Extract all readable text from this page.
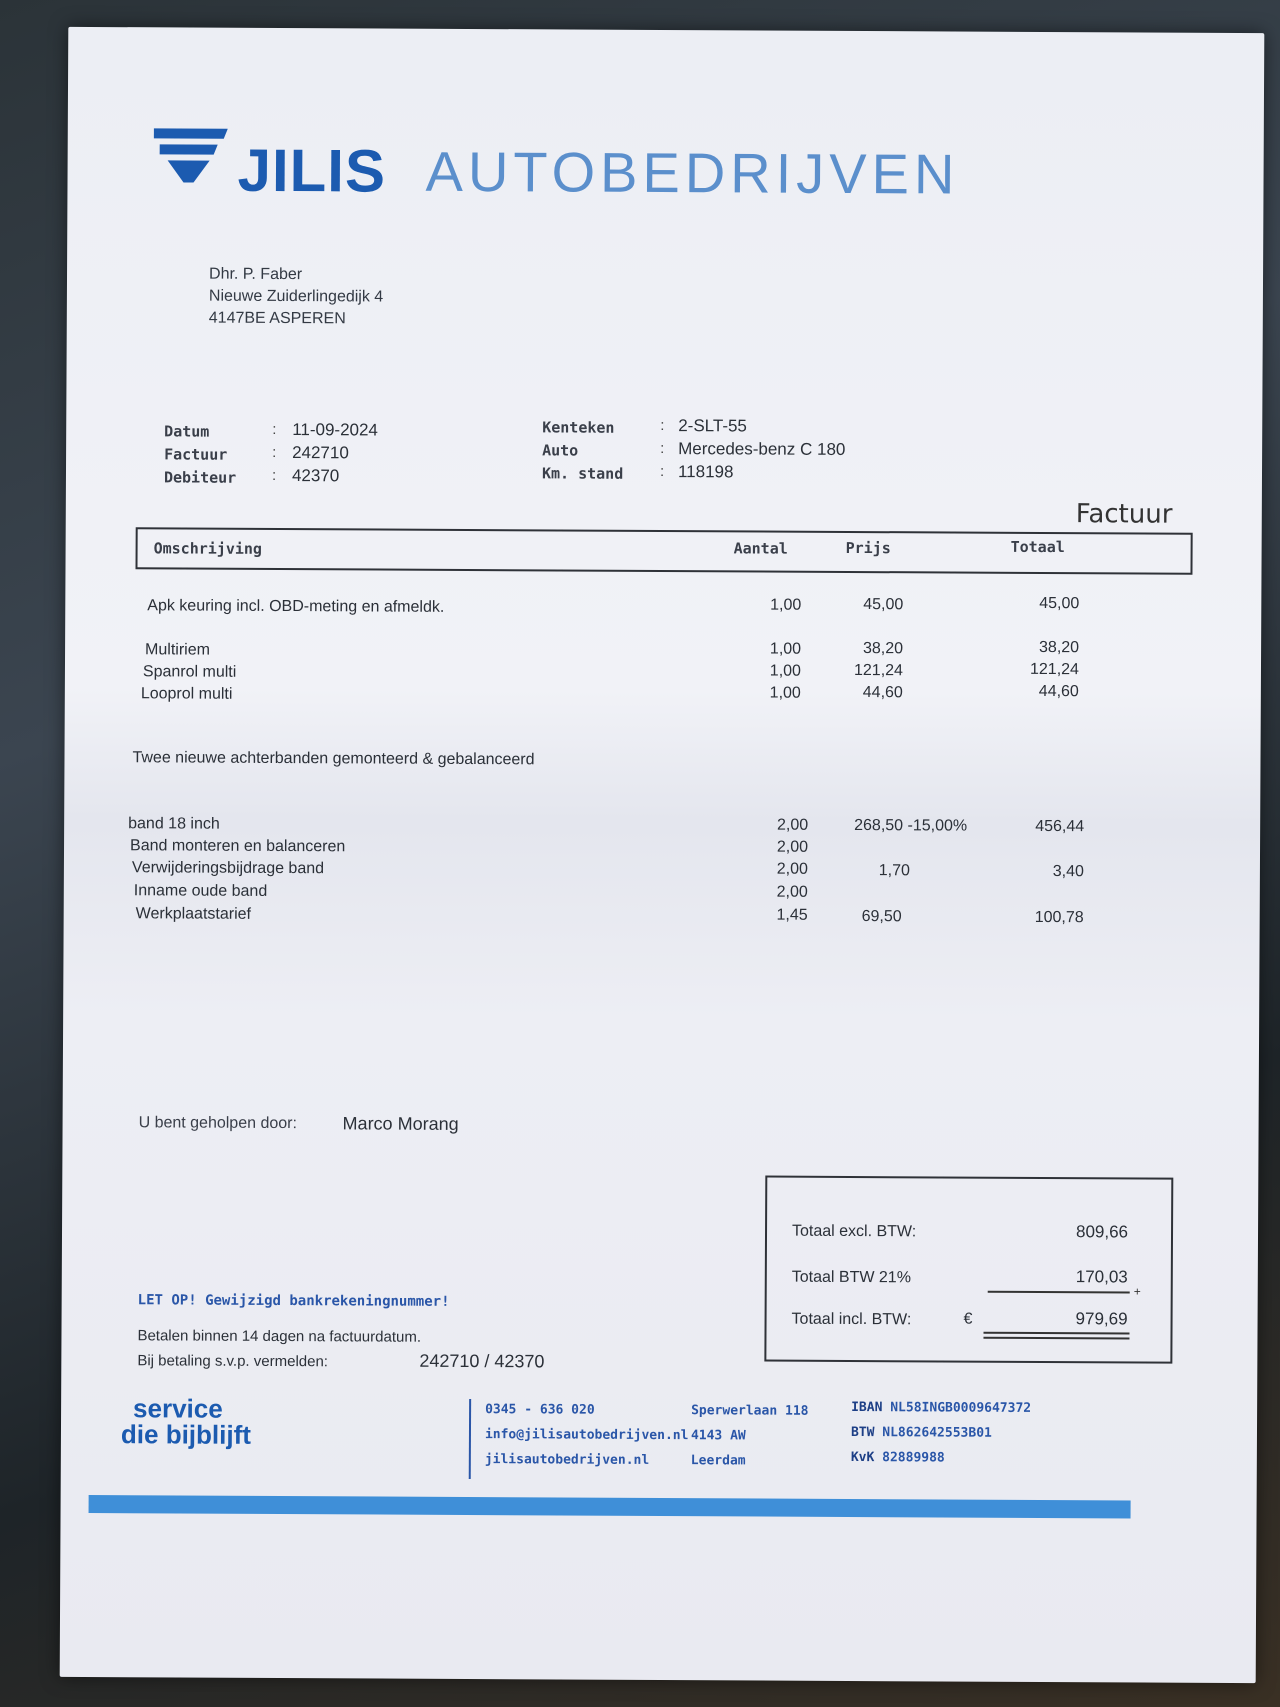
JILIS AUTOBEDRIJVEN
Dhr. P. Faber
Nieuwe Zuiderlingedijk 4
4147BE ASPEREN
Datum	: 11-09-2024
Factuur	: 242710
Debiteur : 42370
Kenteken	: 2-SLT-55
Auto	: Mercedes-benz C 180
Km. stand : 118198
Factuur
Omschrijving	Aantal	Prijs	Totaal
Apk keuring incl. OBD-meting en afmeldk.	1,00	45,00	45,00
Multiriem	1,00	38,20	38,20
Spanrol multi	1,00	121,24	121,24
Looprol multi	1,00	44,60	44,60
Twee nieuwe achterbanden gemonteerd & gebalanceerd
band 18 inch	2,00	268,50 -15,00%	456,44
Band monteren en balanceren	2,00
Verwijderingsbijdrage band	2,00	1,70	3,40
Inname oude band	2,00
Werkplaatstarief	1,45	69,50	100,78
U bent geholpen door:	Marco Morang
Totaal excl. BTW:	809,66
Totaal BTW 21%	170,03
+
Totaal incl. BTW:	€	979,69
LET OP! Gewijzigd bankrekeningnummer!
Betalen binnen 14 dagen na factuurdatum.
Bij betaling s.v.p. vermelden:	242710 / 42370
service
die bijblijft
0345 - 636 020
info@jilisautobedrijven.nl
jilisautobedrijven.nl
Sperwerlaan 118
4143 AW
Leerdam
IBAN NL58INGB0009647372
BTW NL862642553B01
KvK 82889988
